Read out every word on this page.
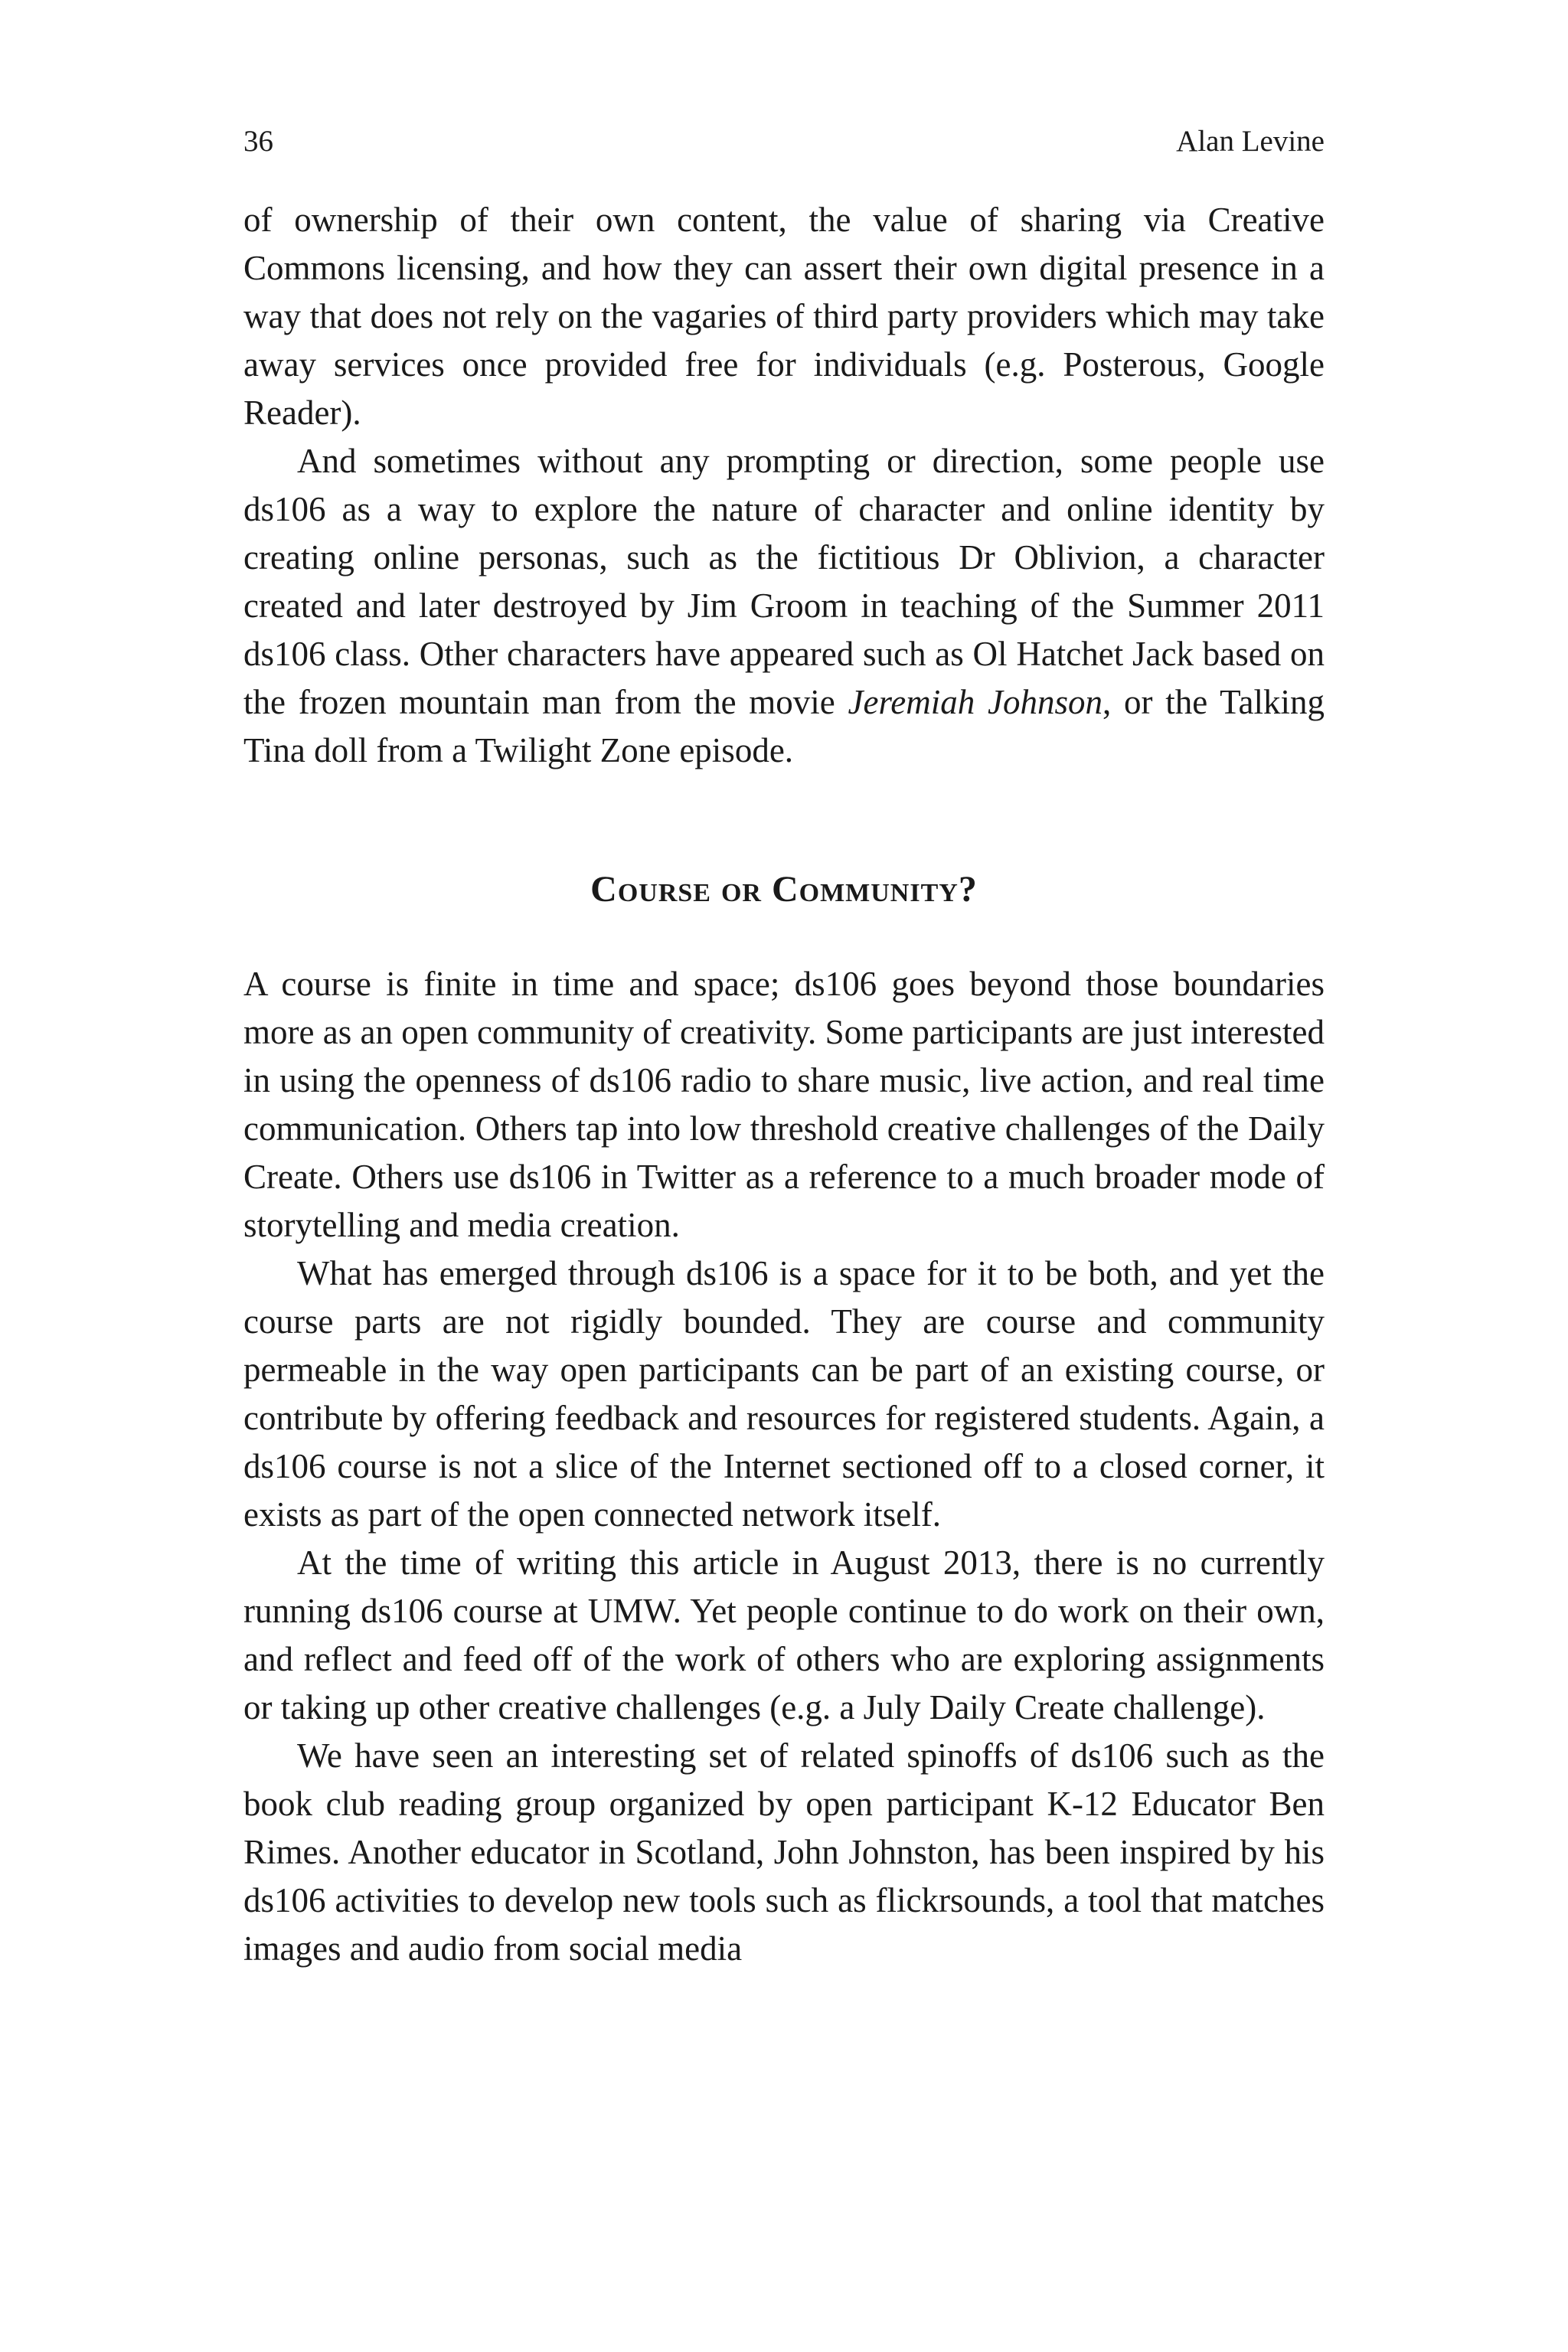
36	Alan Levine

of ownership of their own content, the value of sharing via Creative Commons licensing, and how they can assert their own digital presence in a way that does not rely on the vagaries of third party providers which may take away services once provided free for individuals (e.g. Posterous, Google Reader).

And sometimes without any prompting or direction, some people use ds106 as a way to explore the nature of character and online identity by creating online personas, such as the fictitious Dr Oblivion, a character created and later destroyed by Jim Groom in teaching of the Summer 2011 ds106 class. Other characters have appeared such as Ol Hatchet Jack based on the frozen mountain man from the movie Jeremiah Johnson, or the Talking Tina doll from a Twilight Zone episode.

Course or Community?

A course is finite in time and space; ds106 goes beyond those boundaries more as an open community of creativity. Some participants are just interested in using the openness of ds106 radio to share music, live action, and real time communication. Others tap into low threshold creative challenges of the Daily Create. Others use ds106 in Twitter as a reference to a much broader mode of storytelling and media creation.

What has emerged through ds106 is a space for it to be both, and yet the course parts are not rigidly bounded. They are course and community permeable in the way open participants can be part of an existing course, or contribute by offering feedback and resources for registered students. Again, a ds106 course is not a slice of the Internet sectioned off to a closed corner, it exists as part of the open connected network itself.

At the time of writing this article in August 2013, there is no currently running ds106 course at UMW. Yet people continue to do work on their own, and reflect and feed off of the work of others who are exploring assignments or taking up other creative challenges (e.g. a July Daily Create challenge).

We have seen an interesting set of related spinoffs of ds106 such as the book club reading group organized by open participant K-12 Educator Ben Rimes. Another educator in Scotland, John Johnston, has been inspired by his ds106 activities to develop new tools such as flickrsounds, a tool that matches images and audio from social media
